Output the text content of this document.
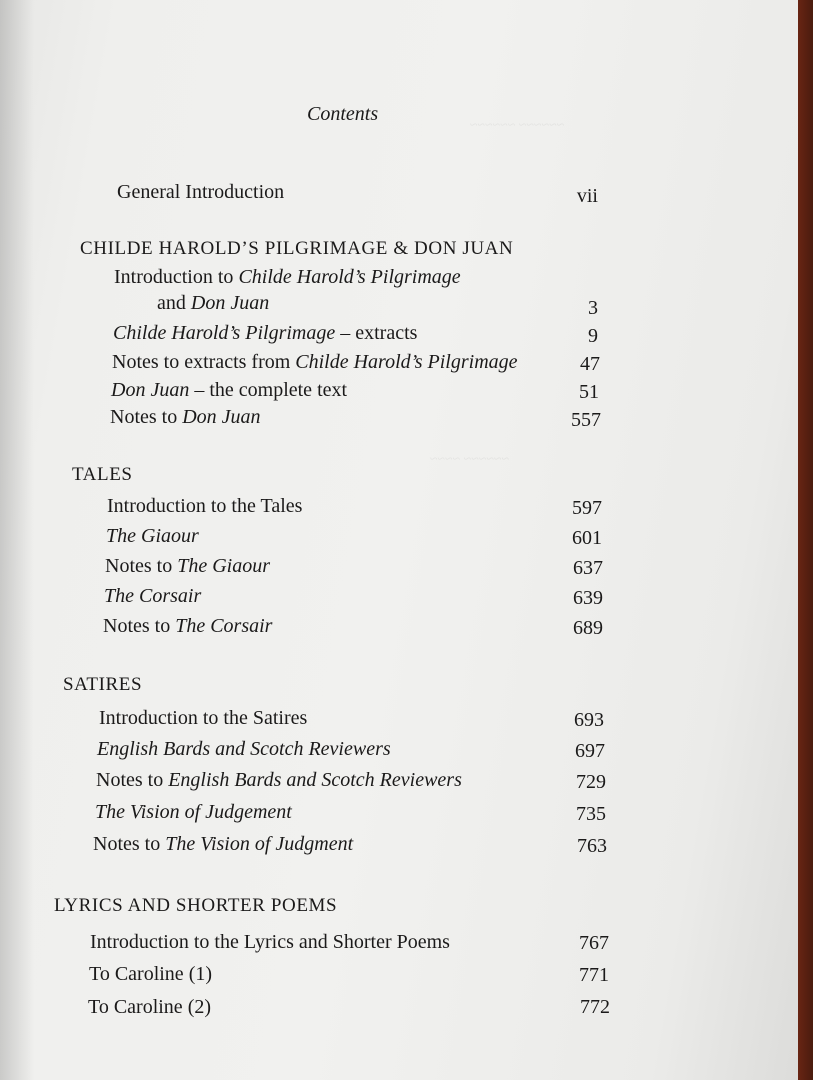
~~~~~~ ~~~~~~
~~~~~~ ~~~~
Contents
General Introduction	vii
CHILDE HAROLD’S PILGRIMAGE & DON JUAN
Introduction to Childe Harold’s Pilgrimage
and Don Juan	3
Childe Harold’s Pilgrimage – extracts	9
Notes to extracts from Childe Harold’s Pilgrimage	47
Don Juan – the complete text	51
Notes to Don Juan	557
TALES
Introduction to the Tales	597
The Giaour	601
Notes to The Giaour	637
The Corsair	639
Notes to The Corsair	689
SATIRES
Introduction to the Satires	693
English Bards and Scotch Reviewers	697
Notes to English Bards and Scotch Reviewers	729
The Vision of Judgement	735
Notes to The Vision of Judgment	763
LYRICS AND SHORTER POEMS
Introduction to the Lyrics and Shorter Poems	767
To Caroline (1)	771
To Caroline (2)	772
